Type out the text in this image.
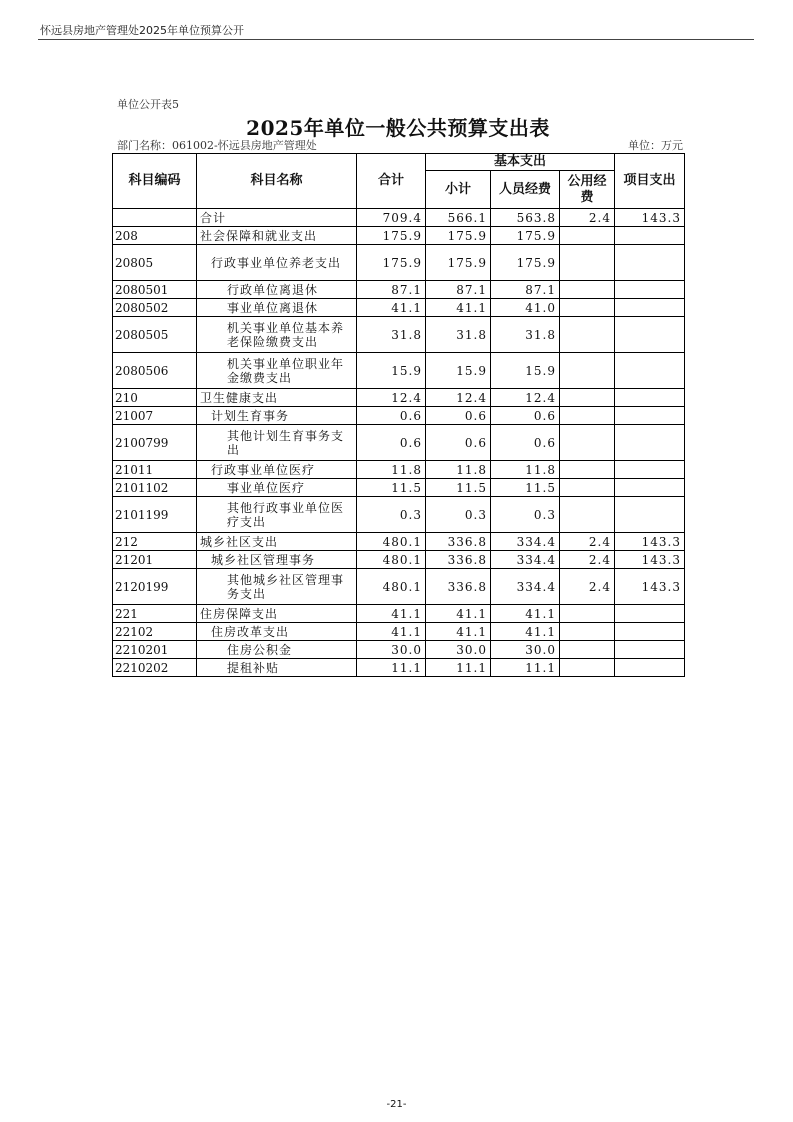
怀远县房地产管理处2025年单位预算公开
单位公开表5
2025年单位一般公共预算支出表
部门名称：061002-怀远县房地产管理处	单位：万元
科目编码	科目名称	合计	基本支出			项目支出
			小计	人员经费	公用经费	
	合计	709.4	566.1	563.8	2.4	143.3
208	社会保障和就业支出	175.9	175.9	175.9		
20805	行政事业单位养老支出	175.9	175.9	175.9		
2080501	行政单位离退休	87.1	87.1	87.1		
2080502	事业单位离退休	41.1	41.1	41.0		
2080505	机关事业单位基本养老保险缴费支出	31.8	31.8	31.8		
2080506	机关事业单位职业年金缴费支出	15.9	15.9	15.9		
210	卫生健康支出	12.4	12.4	12.4		
21007	计划生育事务	0.6	0.6	0.6		
2100799	其他计划生育事务支出	0.6	0.6	0.6		
21011	行政事业单位医疗	11.8	11.8	11.8		
2101102	事业单位医疗	11.5	11.5	11.5		
2101199	其他行政事业单位医疗支出	0.3	0.3	0.3		
212	城乡社区支出	480.1	336.8	334.4	2.4	143.3
21201	城乡社区管理事务	480.1	336.8	334.4	2.4	143.3
2120199	其他城乡社区管理事务支出	480.1	336.8	334.4	2.4	143.3
221	住房保障支出	41.1	41.1	41.1		
22102	住房改革支出	41.1	41.1	41.1		
2210201	住房公积金	30.0	30.0	30.0		
2210202	提租补贴	11.1	11.1	11.1		
-21-
